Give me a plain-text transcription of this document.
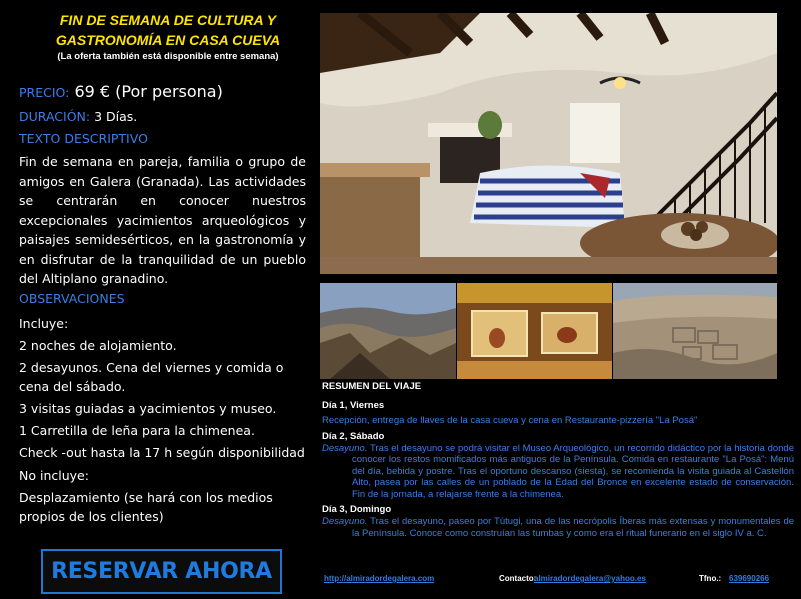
FIN DE SEMANA DE CULTURA Y
GASTRONOMÍA EN CASA CUEVA
(La oferta también está disponible entre semana)
PRECIO: 69 € (Por persona)
DURACIÓN: 3 Días.
TEXTO DESCRIPTIVO
Fin de semana en pareja, familia o grupo de amigos en Galera (Granada). Las actividades se centrarán en conocer nuestros excepcionales yacimientos arqueológicos y paisajes semidesérticos, en la gastronomía y en disfrutar de la tranquilidad de un pueblo del Altiplano granadino.
OBSERVACIONES

Incluye:

2 noches de alojamiento.

2 desayunos. Cena del viernes y comida o cena del sábado.

3 visitas guiadas a yacimientos y museo.

1 Carretilla de leña para la chimenea.

Check -out hasta la 17 h según disponibilidad

No incluye:

Desplazamiento (se hará con los medios propios de los clientes)

RESERVAR AHORA
RESUMEN DEL VIAJE
Día 1, Viernes
Recepción, entrega de llaves de la casa cueva y cena en Restaurante-pizzería "La Posá"
Día 2, Sábado
Desayuno. Tras el desayuno se podrá visitar el Museo Arqueológico, un recorrido didáctico por la historia donde conocer los restos momificados más antiguos de la Península. Comida en restaurante "La Posá": Menú del día, bebida y postre. Tras el oportuno descanso (siesta), se recomienda la visita guiada al Castellón Alto, pasea por las calles de un poblado de la Edad del Bronce en excelente estado de conservación. Fin de la jornada, a relajarse frente a la chimenea.
Día 3, Domingo
Desayuno. Tras el desayuno, paseo por Tútugi, una de las necrópolis Íberas más extensas y monumentales de la Península. Conoce como construían las tumbas y como era el ritual funerario en el siglo IV a. C.
http://almiradordegalera.com	Contacto:
almiradordegalera@yahoo.es	Tfno.: 639690266
